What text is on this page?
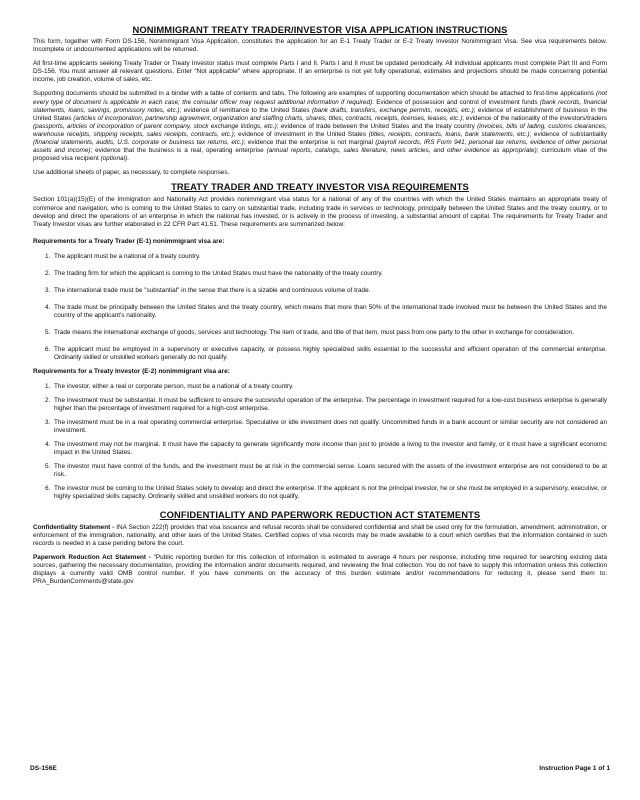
NONIMMIGRANT TREATY TRADER/INVESTOR VISA APPLICATION INSTRUCTIONS

This form, together with Form DS-156, Nonimmigrant Visa Application, constitutes the application for an E-1 Treaty Trader or E-2 Treaty Investor Nonimmigrant Visa. See visa requirements below. Incomplete or undocumented applications will be returned.

All first-time applicants seeking Treaty Trader or Treaty Investor status must complete Parts I and II. Parts I and II must be updated periodically. All individual applicants must complete Part III and Form DS-156. You must answer all relevant questions. Enter "Not applicable" where appropriate. If an enterprise is not yet fully operational, estimates and projections should be made concerning potential income, job creation, volume of sales, etc.

Supporting documents should be submitted in a binder with a table of contents and tabs. The following are examples of supporting documentation which should be attached to first-time applications (not every type of document is applicable in each case; the consular officer may request additional information if required): Evidence of possession and control of investment funds (bank records, financial statements, loans, savings, promissory notes, etc.); evidence of remittance to the United States (bank drafts, transfers, exchange permits, receipts, etc.); evidence of establishment of business in the United States (articles of incorporation, partnership agreement, organization and staffing charts, shares, titles, contracts, receipts, licenses, leases, etc.); evidence of the nationality of the investors/traders (passports, articles of incorporation of parent company, stock exchange listings, etc.); evidence of trade between the United States and the treaty country (invoices, bills of lading, customs clearances, warehouse receipts, shipping receipts, sales receipts, contracts, etc.); evidence of investment in the United States (titles, receipts, contracts, loans, bank statements, etc.); evidence of substantiality (financial statements, audits, U.S. corporate or business tax returns, etc.); evidence that the enterprise is not marginal (payroll records, IRS Form 941, personal tax returns, evidence of other personal assets and income); evidence that the business is a real, operating enterprise (annual reports, catalogs, sales literature, news articles, and other evidence as appropriate); curriculum vitae of the proposed visa recipient (optional).

Use additional sheets of paper, as necessary, to complete responses.

TREATY TRADER AND TREATY INVESTOR VISA REQUIREMENTS

Section 101(a)(15)(E) of the Immigration and Nationality Act provides nonimmigrant visa status for a national of any of the countries with which the United States maintains an appropriate treaty of commerce and navigation, who is coming to the United States to carry on substantial trade, including trade in services or technology, principally between the United States and the treaty country, or to develop and direct the operations of an enterprise in which the national has invested, or is actively in the process of investing, a substantial amount of capital. The requirements for Treaty Trader and Treaty Investor visas are further elaborated in 22 CFR Part 41.51. These requirements are summarized below:

Requirements for a Treaty Trader (E-1) nonimmigrant visa are:

1. The applicant must be a national of a treaty country.
2. The trading firm for which the applicant is coming to the United States must have the nationality of the treaty country.
3. The international trade must be "substantial" in the sense that there is a sizable and continuous volume of trade.
4. The trade must be principally between the United States and the treaty country, which means that more than 50% of the international trade involved must be between the United States and the country of the applicant's nationality.
5. Trade means the international exchange of goods, services and technology. The item of trade, and title of that item, must pass from one party to the other in exchange for consideration.
6. The applicant must be employed in a supervisory or executive capacity, or possess highly specialized skills essential to the successful and efficient operation of the commercial enterprise. Ordinarily skilled or unskilled workers generally do not qualify.

Requirements for a Treaty Investor (E-2) nonimmigrant visa are:

1. The investor, either a real or corporate person, must be a national of a treaty country.
2. The investment must be substantial. It must be sufficient to ensure the successful operation of the enterprise. The percentage in investment required for a low-cost business enterprise is generally higher than the percentage of investment required for a high-cost enterprise.
3. The investment must be in a real operating commercial enterprise. Speculative or idle investment does not qualify. Uncommitted funds in a bank account or similar security are not considered an investment.
4. The investment may not be marginal. It must have the capacity to generate significantly more income than just to provide a living to the investor and family, or it must have a significant economic impact in the United States.
5. The investor must have control of the funds, and the investment must be at risk in the commercial sense. Loans secured with the assets of the investment enterprise are not considered to be at risk.
6. The investor must be coming to the United States solely to develop and direct the enterprise. If the applicant is not the principal investor, he or she must be employed in a supervisory, executive, or highly specialized skills capacity. Ordinarily skilled and unskilled workers do not qualify.
CONFIDENTIALITY AND PAPERWORK REDUCTION ACT STATEMENTS

Confidentiality Statement - INA Section 222(f) provides that visa issuance and refusal records shall be considered confidential and shall be used only for the formulation, amendment, administration, or enforcement of the immigration, nationality, and other laws of the United States. Certified copies of visa records may be made available to a court which certifies that the information contained in such records is needed in a case pending before the court.

Paperwork Reduction Act Statement - "Public reporting burden for this collection of information is estimated to average 4 hours per response, including time required for searching existing data sources, gathering the necessary documentation, providing the information and/or documents required, and reviewing the final collection. You do not have to supply this information unless this collection displays a currently valid OMB control number. If you have comments on the accuracy of this burden estimate and/or recommendations for reducing it, please send them to: PRA_BurdenComments@state.gov

DS-156E	Instruction Page 1 of 1
